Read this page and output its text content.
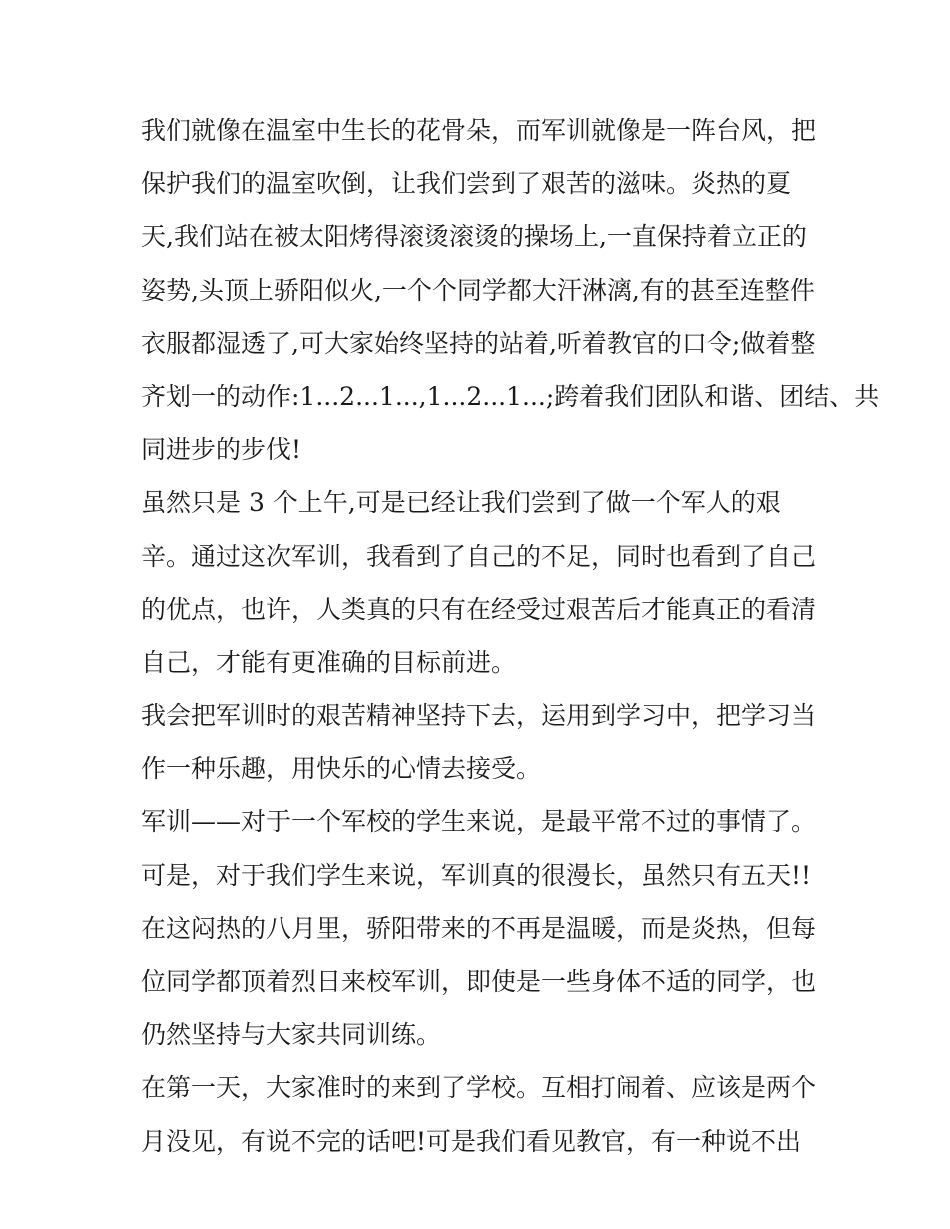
我们就像在温室中生长的花骨朵，而军训就像是一阵台风，把
保护我们的温室吹倒，让我们尝到了艰苦的滋味。炎热的夏
天,我们站在被太阳烤得滚烫滚烫的操场上,一直保持着立正的
姿势,头顶上骄阳似火,一个个同学都大汗淋漓,有的甚至连整件
衣服都湿透了,可大家始终坚持的站着,听着教官的口令;做着整
齐划一的动作:1...2...1...,1...2...1...;跨着我们团队和谐、团结、共
同进步的步伐!
虽然只是 3 个上午,可是已经让我们尝到了做一个军人的艰
辛。通过这次军训，我看到了自己的不足，同时也看到了自己
的优点，也许，人类真的只有在经受过艰苦后才能真正的看清
自己，才能有更准确的目标前进。
我会把军训时的艰苦精神坚持下去，运用到学习中，把学习当
作一种乐趣，用快乐的心情去接受。
军训——对于一个军校的学生来说，是最平常不过的事情了。
可是，对于我们学生来说，军训真的很漫长，虽然只有五天!!
在这闷热的八月里，骄阳带来的不再是温暖，而是炎热，但每
位同学都顶着烈日来校军训，即使是一些身体不适的同学，也
仍然坚持与大家共同训练。
在第一天，大家准时的来到了学校。互相打闹着、应该是两个
月没见，有说不完的话吧!可是我们看见教官，有一种说不出
